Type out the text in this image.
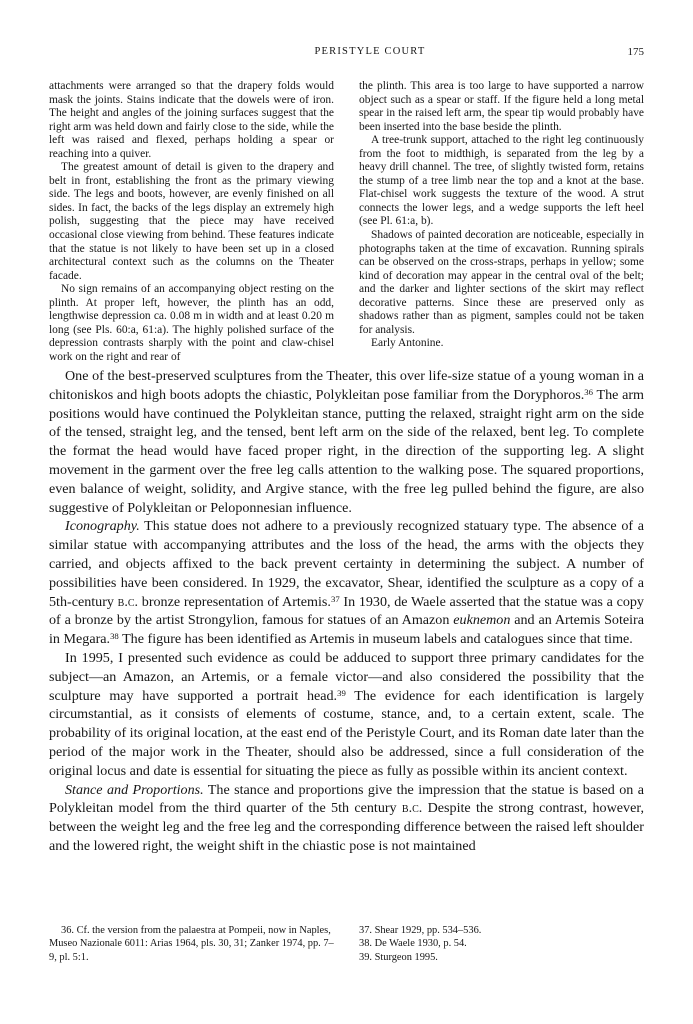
PERISTYLE COURT	175

attachments were arranged so that the drapery folds would mask the joints. Stains indicate that the dowels were of iron. The height and angles of the joining surfaces suggest that the right arm was held down and fairly close to the side, while the left was raised and flexed, perhaps holding a spear or reaching into a quiver.

The greatest amount of detail is given to the drapery and belt in front, establishing the front as the primary viewing side. The legs and boots, however, are evenly finished on all sides. In fact, the backs of the legs display an extremely high polish, suggesting that the piece may have received occasional close viewing from behind. These features indicate that the statue is not likely to have been set up in a closed architectural context such as the columns on the Theater facade.

No sign remains of an accompanying object resting on the plinth. At proper left, however, the plinth has an odd, lengthwise depression ca. 0.08 m in width and at least 0.20 m long (see Pls. 60:a, 61:a). The highly polished surface of the depression contrasts sharply with the point and claw-chisel work on the right and rear of

the plinth. This area is too large to have supported a narrow object such as a spear or staff. If the figure held a long metal spear in the raised left arm, the spear tip would probably have been inserted into the base beside the plinth.

A tree-trunk support, attached to the right leg continuously from the foot to midthigh, is separated from the leg by a heavy drill channel. The tree, of slightly twisted form, retains the stump of a tree limb near the top and a knot at the base. Flat-chisel work suggests the texture of the wood. A strut connects the lower legs, and a wedge supports the left heel (see Pl. 61:a, b).

Shadows of painted decoration are noticeable, especially in photographs taken at the time of excavation. Running spirals can be observed on the cross-straps, perhaps in yellow; some kind of decoration may appear in the central oval of the belt; and the darker and lighter sections of the skirt may reflect decorative patterns. Since these are preserved only as shadows rather than as pigment, samples could not be taken for analysis.

Early Antonine.

One of the best-preserved sculptures from the Theater, this over life-size statue of a young woman in a chitoniskos and high boots adopts the chiastic, Polykleitan pose familiar from the Doryphoros.$^{36}$ The arm positions would have continued the Polykleitan stance, putting the relaxed, straight right arm on the side of the tensed, straight leg, and the tensed, bent left arm on the side of the relaxed, bent leg. To complete the format the head would have faced proper right, in the direction of the supporting leg. A slight movement in the garment over the free leg calls attention to the walking pose. The squared proportions, even balance of weight, solidity, and Argive stance, with the free leg pulled behind the figure, are also suggestive of Polykleitan or Peloponnesian influence.

Iconography. This statue does not adhere to a previously recognized statuary type. The absence of a similar statue with accompanying attributes and the loss of the head, the arms with the objects they carried, and objects affixed to the back prevent certainty in determining the subject. A number of possibilities have been considered. In 1929, the excavator, Shear, identified the sculpture as a copy of a 5th-century b.c. bronze representation of Artemis.$^{37}$ In 1930, de Waele asserted that the statue was a copy of a bronze by the artist Strongylion, famous for statues of an Amazon euknemon and an Artemis Soteira in Megara.$^{38}$ The figure has been identified as Artemis in museum labels and catalogues since that time.

In 1995, I presented such evidence as could be adduced to support three primary candidates for the subject—an Amazon, an Artemis, or a female victor—and also considered the possibility that the sculpture may have supported a portrait head.$^{39}$ The evidence for each identification is largely circumstantial, as it consists of elements of costume, stance, and, to a certain extent, scale. The probability of its original location, at the east end of the Peristyle Court, and its Roman date later than the period of the major work in the Theater, should also be addressed, since a full consideration of the original locus and date is essential for situating the piece as fully as possible within its ancient context.

Stance and Proportions. The stance and proportions give the impression that the statue is based on a Polykleitan model from the third quarter of the 5th century b.c. Despite the strong contrast, however, between the weight leg and the free leg and the corresponding difference between the raised left shoulder and the lowered right, the weight shift in the chiastic pose is not maintained

36. Cf. the version from the palaestra at Pompeii, now in Naples, Museo Nazionale 6011: Arias 1964, pls. 30, 31; Zanker 1974, pp. 7–9, pl. 5:1.

37. Shear 1929, pp. 534–536.

38. De Waele 1930, p. 54.

39. Sturgeon 1995.
